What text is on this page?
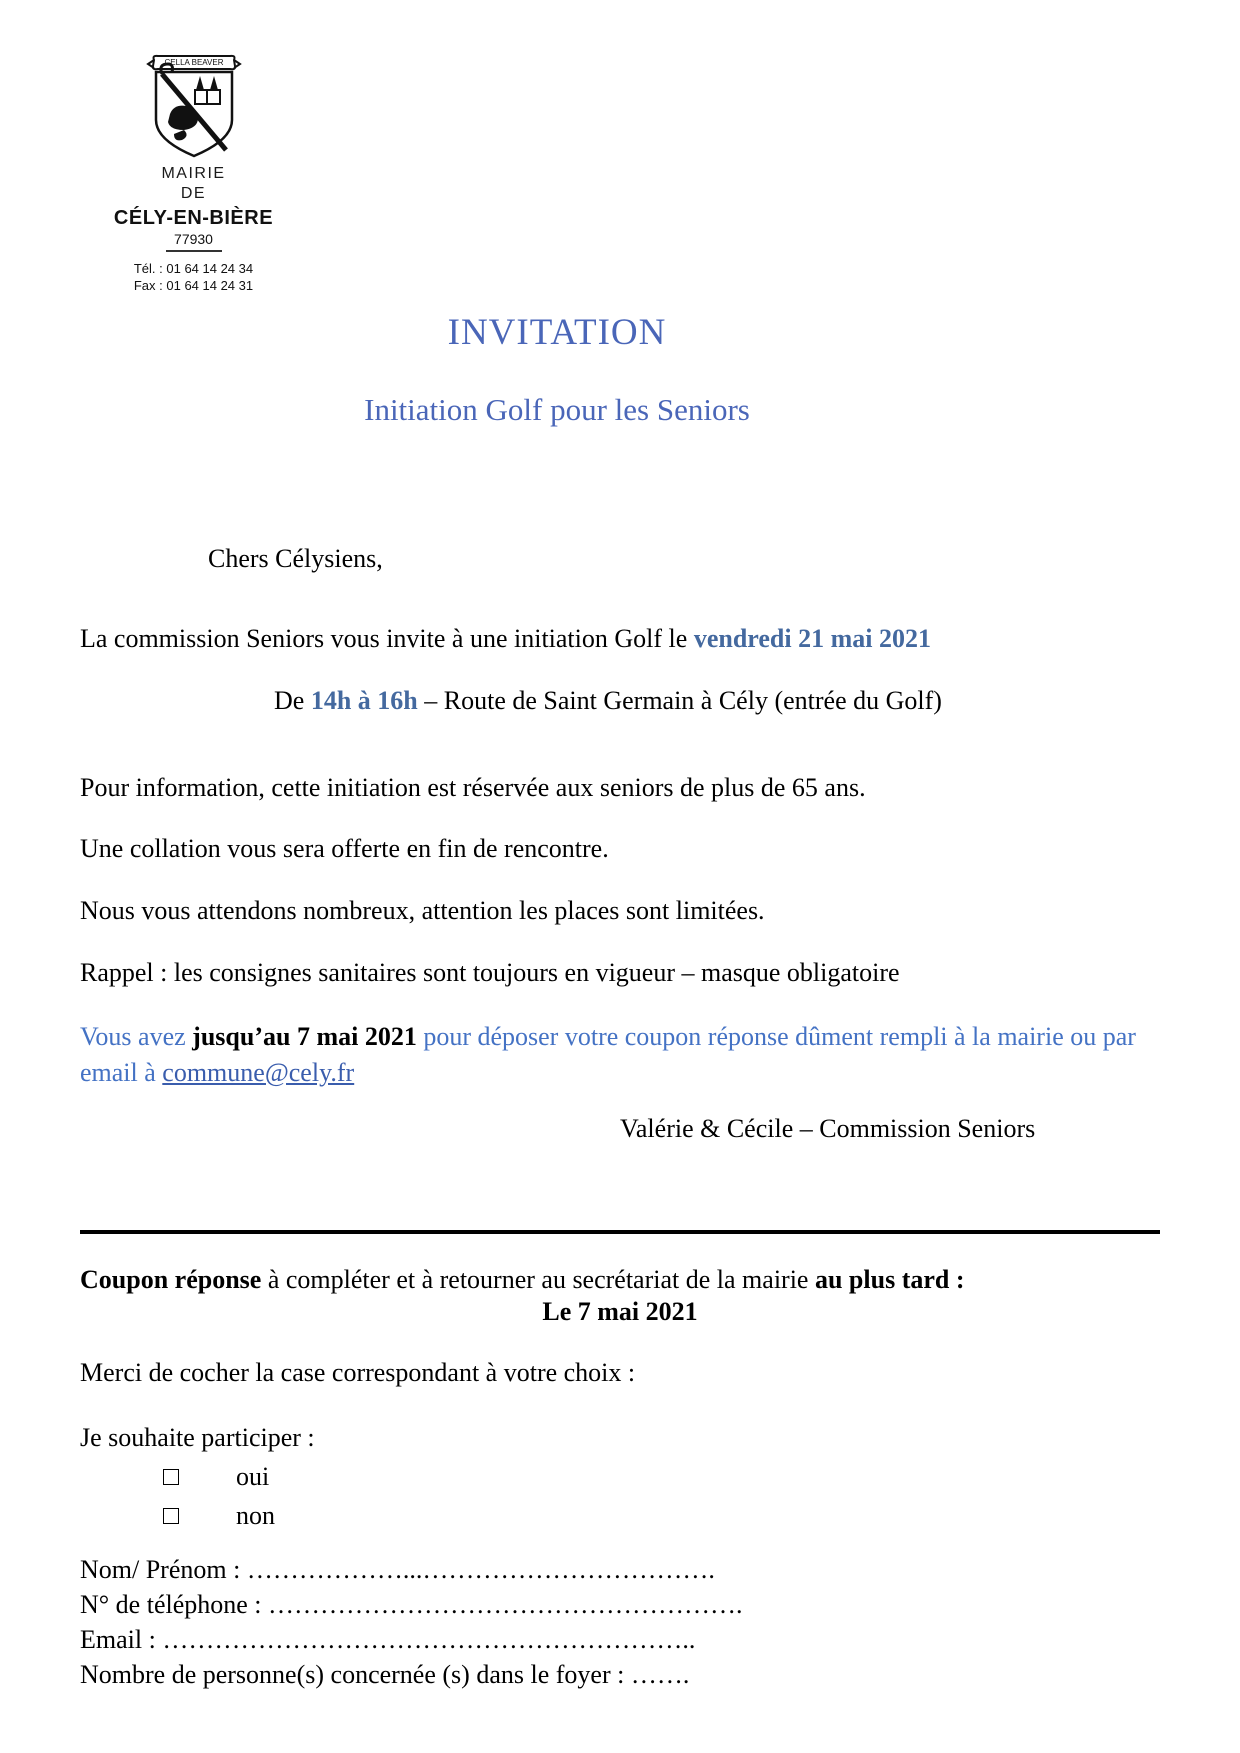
CELLA BEAVER
MAIRIE
DE
CÉLY-EN-BIÈRE
77930
Tél. : 01 64 14 24 34
Fax : 01 64 14 24 31
INVITATION
Initiation Golf pour les Seniors

Chers Célysiens,

La commission Seniors vous invite à une initiation Golf le vendredi 21 mai 2021

De 14h à 16h – Route de Saint Germain à Cély (entrée du Golf)

Pour information, cette initiation est réservée aux seniors de plus de 65 ans.

Une collation vous sera offerte en fin de rencontre.

Nous vous attendons nombreux, attention les places sont limitées.

Rappel : les consignes sanitaires sont toujours en vigueur – masque obligatoire

Vous avez jusqu’au 7 mai 2021 pour déposer votre coupon réponse dûment rempli à la mairie ou par email à commune@cely.fr

Valérie & Cécile – Commission Seniors

Coupon réponse à compléter et à retourner au secrétariat de la mairie au plus tard :

Le 7 mai 2021

Merci de cocher la case correspondant à votre choix :

Je souhaite participer :

oui
non
Nom/ Prénom : ………………...…………………………….
N° de téléphone : ……………………………………………….
Email : ……………………………………………………..
Nombre de personne(s) concernée (s) dans le foyer : …….
